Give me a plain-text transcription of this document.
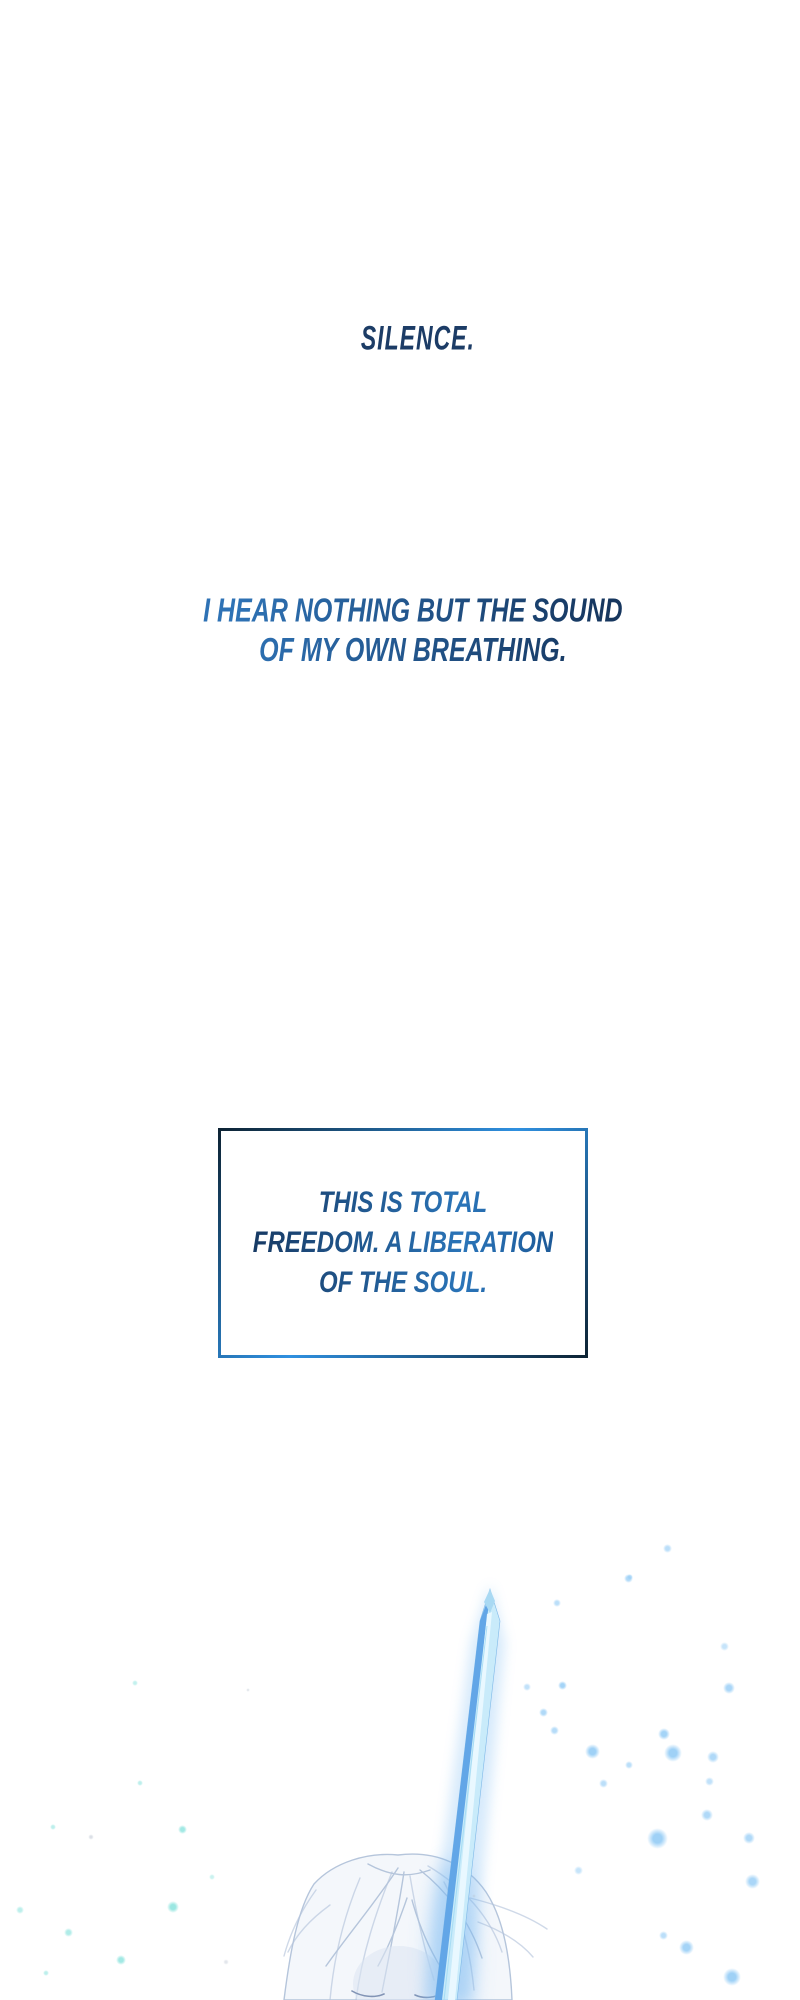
SILENCE.

I HEAR NOTHING BUT THE SOUND
OF MY OWN BREATHING.

THIS IS TOTAL
FREEDOM. A LIBERATION
OF THE SOUL.
